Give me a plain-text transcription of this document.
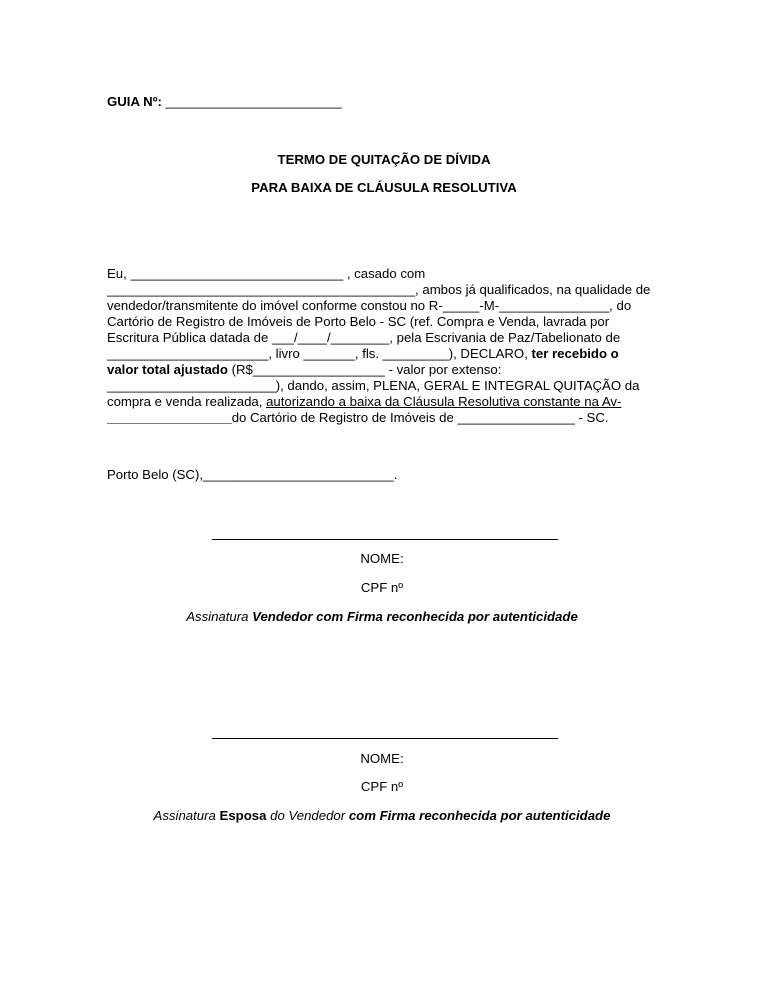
GUIA Nº: ________________________
TERMO DE QUITAÇÃO DE DÍVIDA
PARA BAIXA DE CLÁUSULA RESOLUTIVA
Eu, _____________________________ , casado com
__________________________________________, ambos já qualificados, na qualidade de
vendedor/transmitente do imóvel conforme constou no R-_____-M-_______________, do
Cartório de Registro de Imóveis de Porto Belo - SC (ref. Compra e Venda, lavrada por
Escritura Pública datada de ___/____/________, pela Escrivania de Paz/Tabelionato de
______________________, livro _______, fls. _________), DECLARO, ter recebido o
valor total ajustado (R$__________________ - valor por extenso:
_______________________), dando, assim, PLENA, GERAL E INTEGRAL QUITAÇÃO da
compra e venda realizada, autorizando a baixa da Cláusula Resolutiva constante na Av-
_________________do Cartório de Registro de Imóveis de ________________ - SC.
Porto Belo (SC),__________________________.
NOME:
CPF nº
Assinatura Vendedor com Firma reconhecida por autenticidade
NOME:
CPF nº
Assinatura Esposa do Vendedor com Firma reconhecida por autenticidade
